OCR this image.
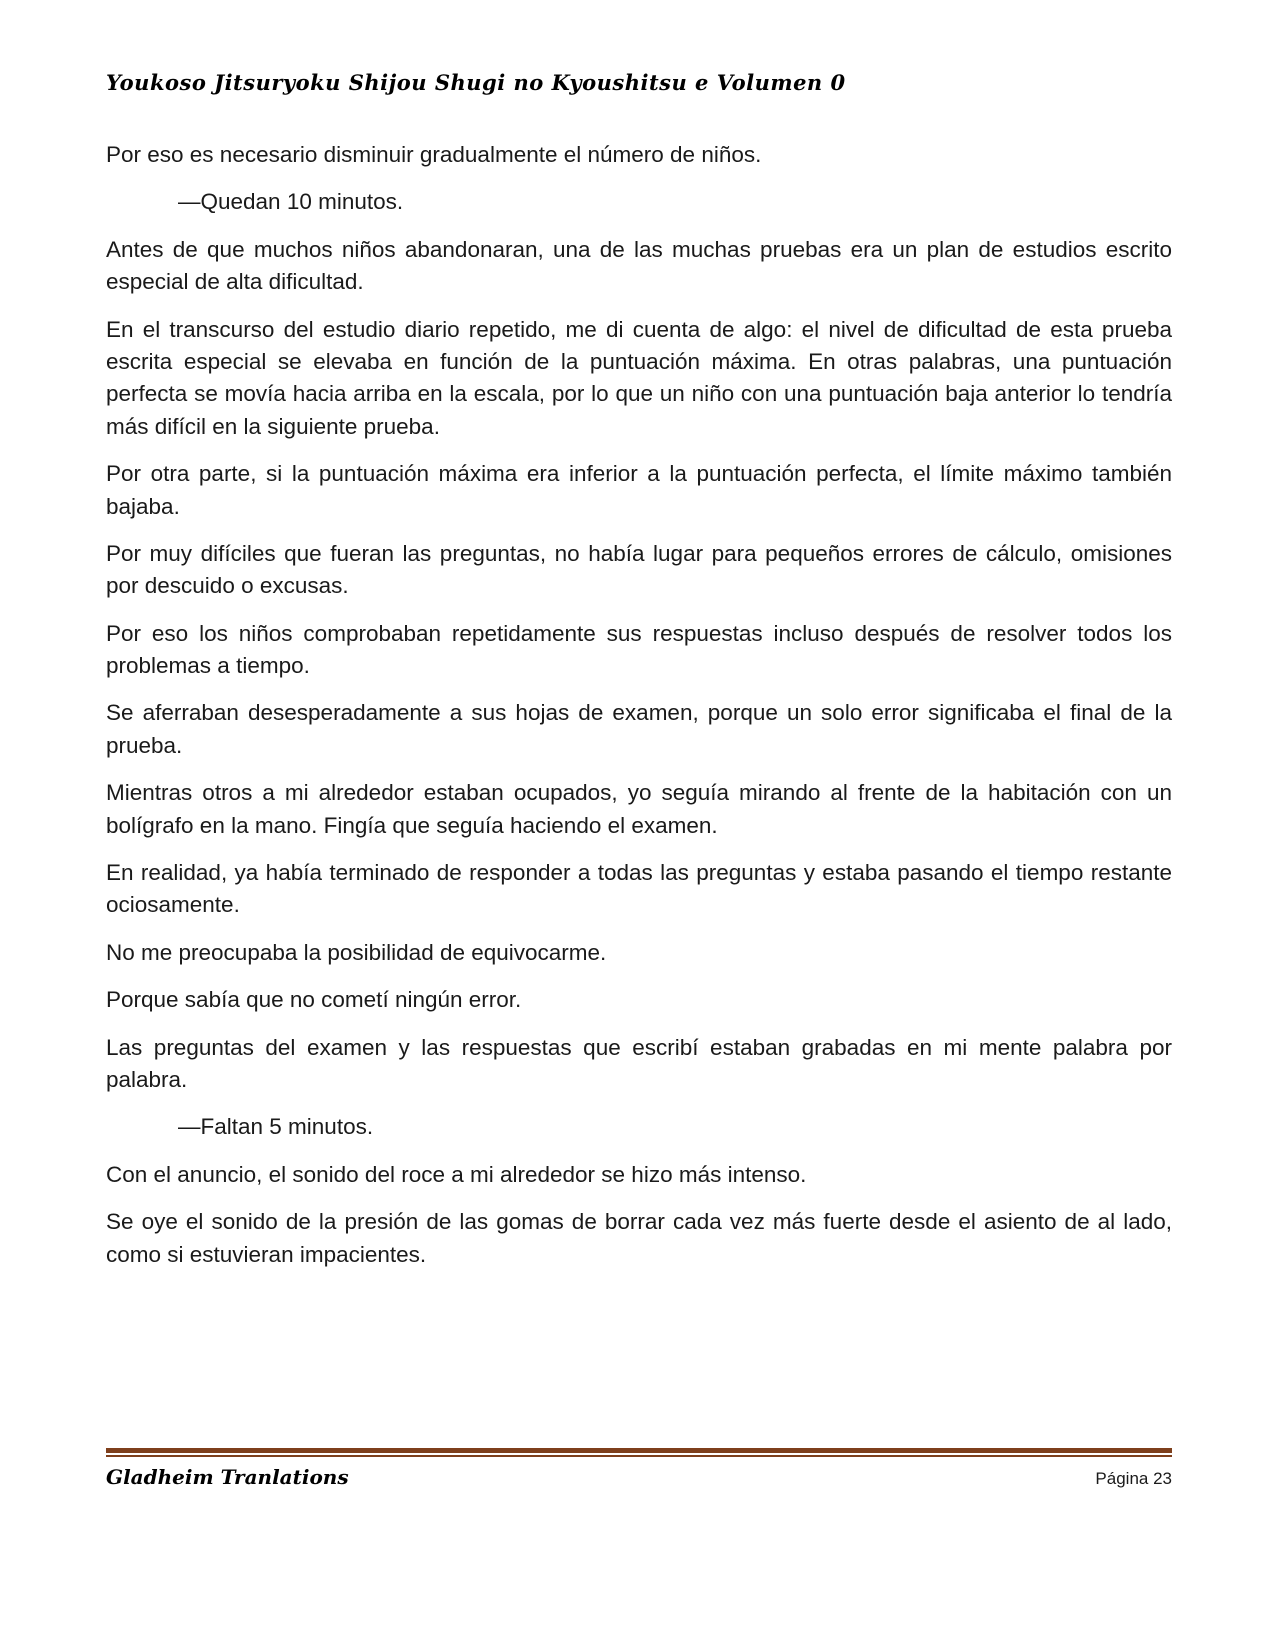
Youkoso Jitsuryoku Shijou Shugi no Kyoushitsu e Volumen 0

Por eso es necesario disminuir gradualmente el número de niños.

—Quedan 10 minutos.

Antes de que muchos niños abandonaran, una de las muchas pruebas era un plan de estudios escrito especial de alta dificultad.

En el transcurso del estudio diario repetido, me di cuenta de algo: el nivel de dificultad de esta prueba escrita especial se elevaba en función de la puntuación máxima. En otras palabras, una puntuación perfecta se movía hacia arriba en la escala, por lo que un niño con una puntuación baja anterior lo tendría más difícil en la siguiente prueba.

Por otra parte, si la puntuación máxima era inferior a la puntuación perfecta, el límite máximo también bajaba.

Por muy difíciles que fueran las preguntas, no había lugar para pequeños errores de cálculo, omisiones por descuido o excusas.

Por eso los niños comprobaban repetidamente sus respuestas incluso después de resolver todos los problemas a tiempo.

Se aferraban desesperadamente a sus hojas de examen, porque un solo error significaba el final de la prueba.

Mientras otros a mi alrededor estaban ocupados, yo seguía mirando al frente de la habitación con un bolígrafo en la mano. Fingía que seguía haciendo el examen.

En realidad, ya había terminado de responder a todas las preguntas y estaba pasando el tiempo restante ociosamente.

No me preocupaba la posibilidad de equivocarme.

Porque sabía que no cometí ningún error.

Las preguntas del examen y las respuestas que escribí estaban grabadas en mi mente palabra por palabra.

—Faltan 5 minutos.

Con el anuncio, el sonido del roce a mi alrededor se hizo más intenso.

Se oye el sonido de la presión de las gomas de borrar cada vez más fuerte desde el asiento de al lado, como si estuvieran impacientes.

Gladheim Tranlations	Página 23
